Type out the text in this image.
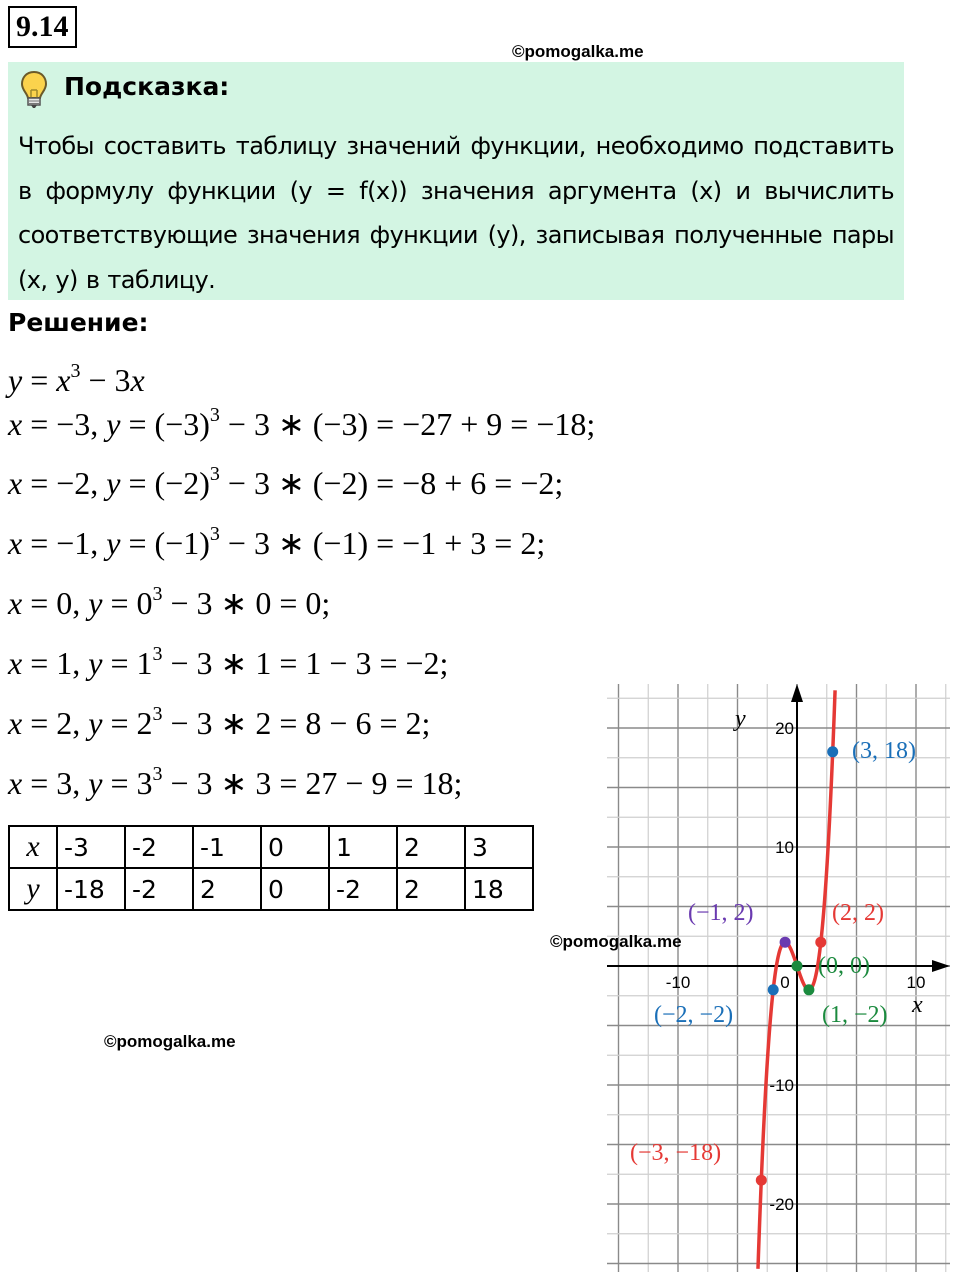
9.14
©pomogalka.me
Подсказка:
Чтобы составить таблицу значений функции, необходимо подставить в формулу функции (y = f(x)) значения аргумента (x) и вычислить соответствующие значения функции (y), записывая полученные пары (x, y) в таблицу.
©pomogalka.me
Решение:
$y = x^3 - 3x$
x = −3, $y = (-3)^3 - 3$ ∗ (−3) = −27 + 9 = −18;
x = −2, $y = (-2)^3 - 3$ ∗ (−2) = −8 + 6 = −2;
x = −1, $y = (-1)^3 - 3$ ∗ (−1) = −1 + 3 = 2;
x = 0, $y = 0^3 - 3$ ∗ 0 = 0;
x = 1, $y = 1^3 - 3$ ∗ 1 = 1 − 3 = −2;
x = 2, $y = 2^3 - 3$ ∗ 2 = 8 − 6 = 2;
x = 3, $y = 3^3 - 3$ ∗ 3 = 27 − 9 = 18;
x	-3	-2	-1	0	1	2	3
y	-18	-2	2	0	-2	2	18
-10	0	10
20
10
-10
-20
x
y
(−3, −18)
(−2, −2)
(−1, 2)
(0, 0)
(1, −2)
(2, 2)
(3, 18)
©pomogalka.me
